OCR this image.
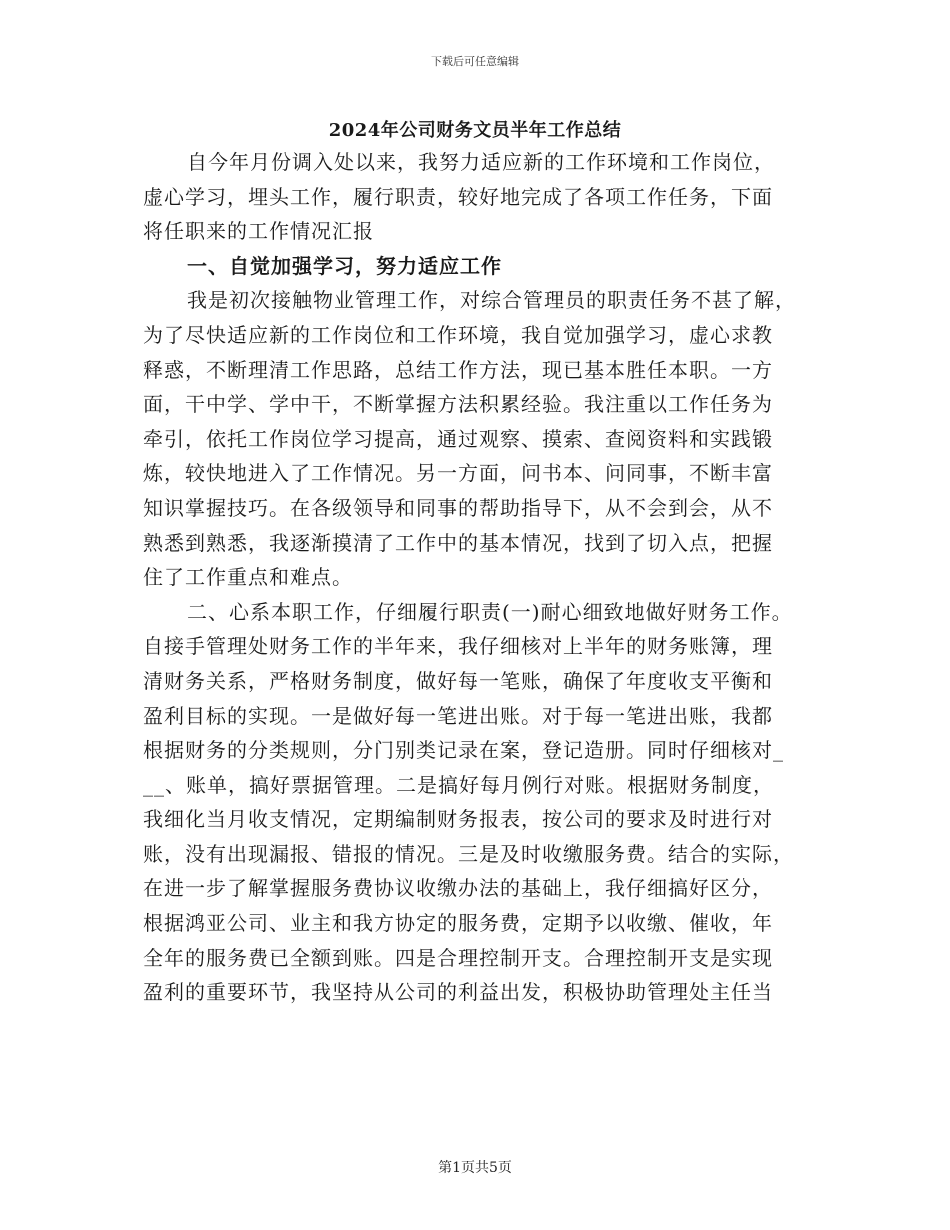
下载后可任意编辑
2024年公司财务文员半年工作总结
自今年月份调入处以来，我努力适应新的工作环境和工作岗位，
虚心学习，埋头工作，履行职责，较好地完成了各项工作任务，下面
将任职来的工作情况汇报
一、自觉加强学习，努力适应工作
我是初次接触物业管理工作，对综合管理员的职责任务不甚了解，
为了尽快适应新的工作岗位和工作环境，我自觉加强学习，虚心求教
释惑，不断理清工作思路，总结工作方法，现已基本胜任本职。一方
面，干中学、学中干，不断掌握方法积累经验。我注重以工作任务为
牵引，依托工作岗位学习提高，通过观察、摸索、查阅资料和实践锻
炼，较快地进入了工作情况。另一方面，问书本、问同事，不断丰富
知识掌握技巧。在各级领导和同事的帮助指导下，从不会到会，从不
熟悉到熟悉，我逐渐摸清了工作中的基本情况，找到了切入点，把握
住了工作重点和难点。
二、心系本职工作，仔细履行职责(一)耐心细致地做好财务工作。
自接手管理处财务工作的半年来，我仔细核对上半年的财务账簿，理
清财务关系，严格财务制度，做好每一笔账，确保了年度收支平衡和
盈利目标的实现。一是做好每一笔进出账。对于每一笔进出账，我都
根据财务的分类规则，分门别类记录在案，登记造册。同时仔细核对_
__、账单，搞好票据管理。二是搞好每月例行对账。根据财务制度，
我细化当月收支情况，定期编制财务报表，按公司的要求及时进行对
账，没有出现漏报、错报的情况。三是及时收缴服务费。结合的实际，
在进一步了解掌握服务费协议收缴办法的基础上，我仔细搞好区分，
根据鸿亚公司、业主和我方协定的服务费，定期予以收缴、催收，年
全年的服务费已全额到账。四是合理控制开支。合理控制开支是实现
盈利的重要环节，我坚持从公司的利益出发，积极协助管理处主任当
第1页共5页
